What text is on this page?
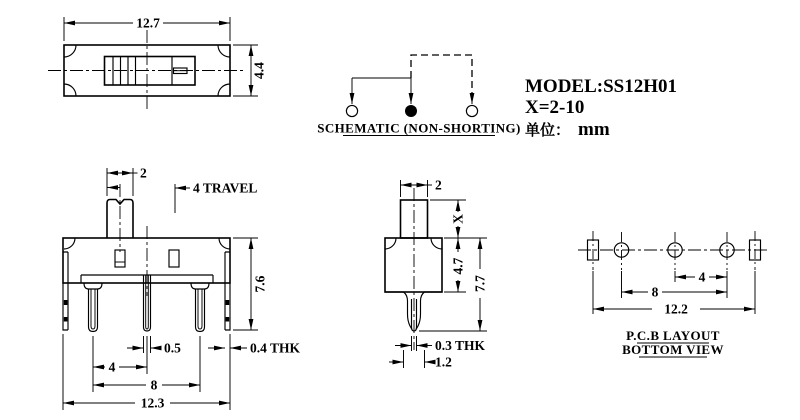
12.7
4.4
SCHEMATIC (NON-SHORTING)
MODEL:SS12H01
X=2-10
单位： mm
2
4 TRAVEL
7.6
0.5
4
8
12.3
0.4 THK
2
X
4.7
7.7
0.3 THK
1.2
4
8
12.2
P.C.B LAYOUT
BOTTOM VIEW
